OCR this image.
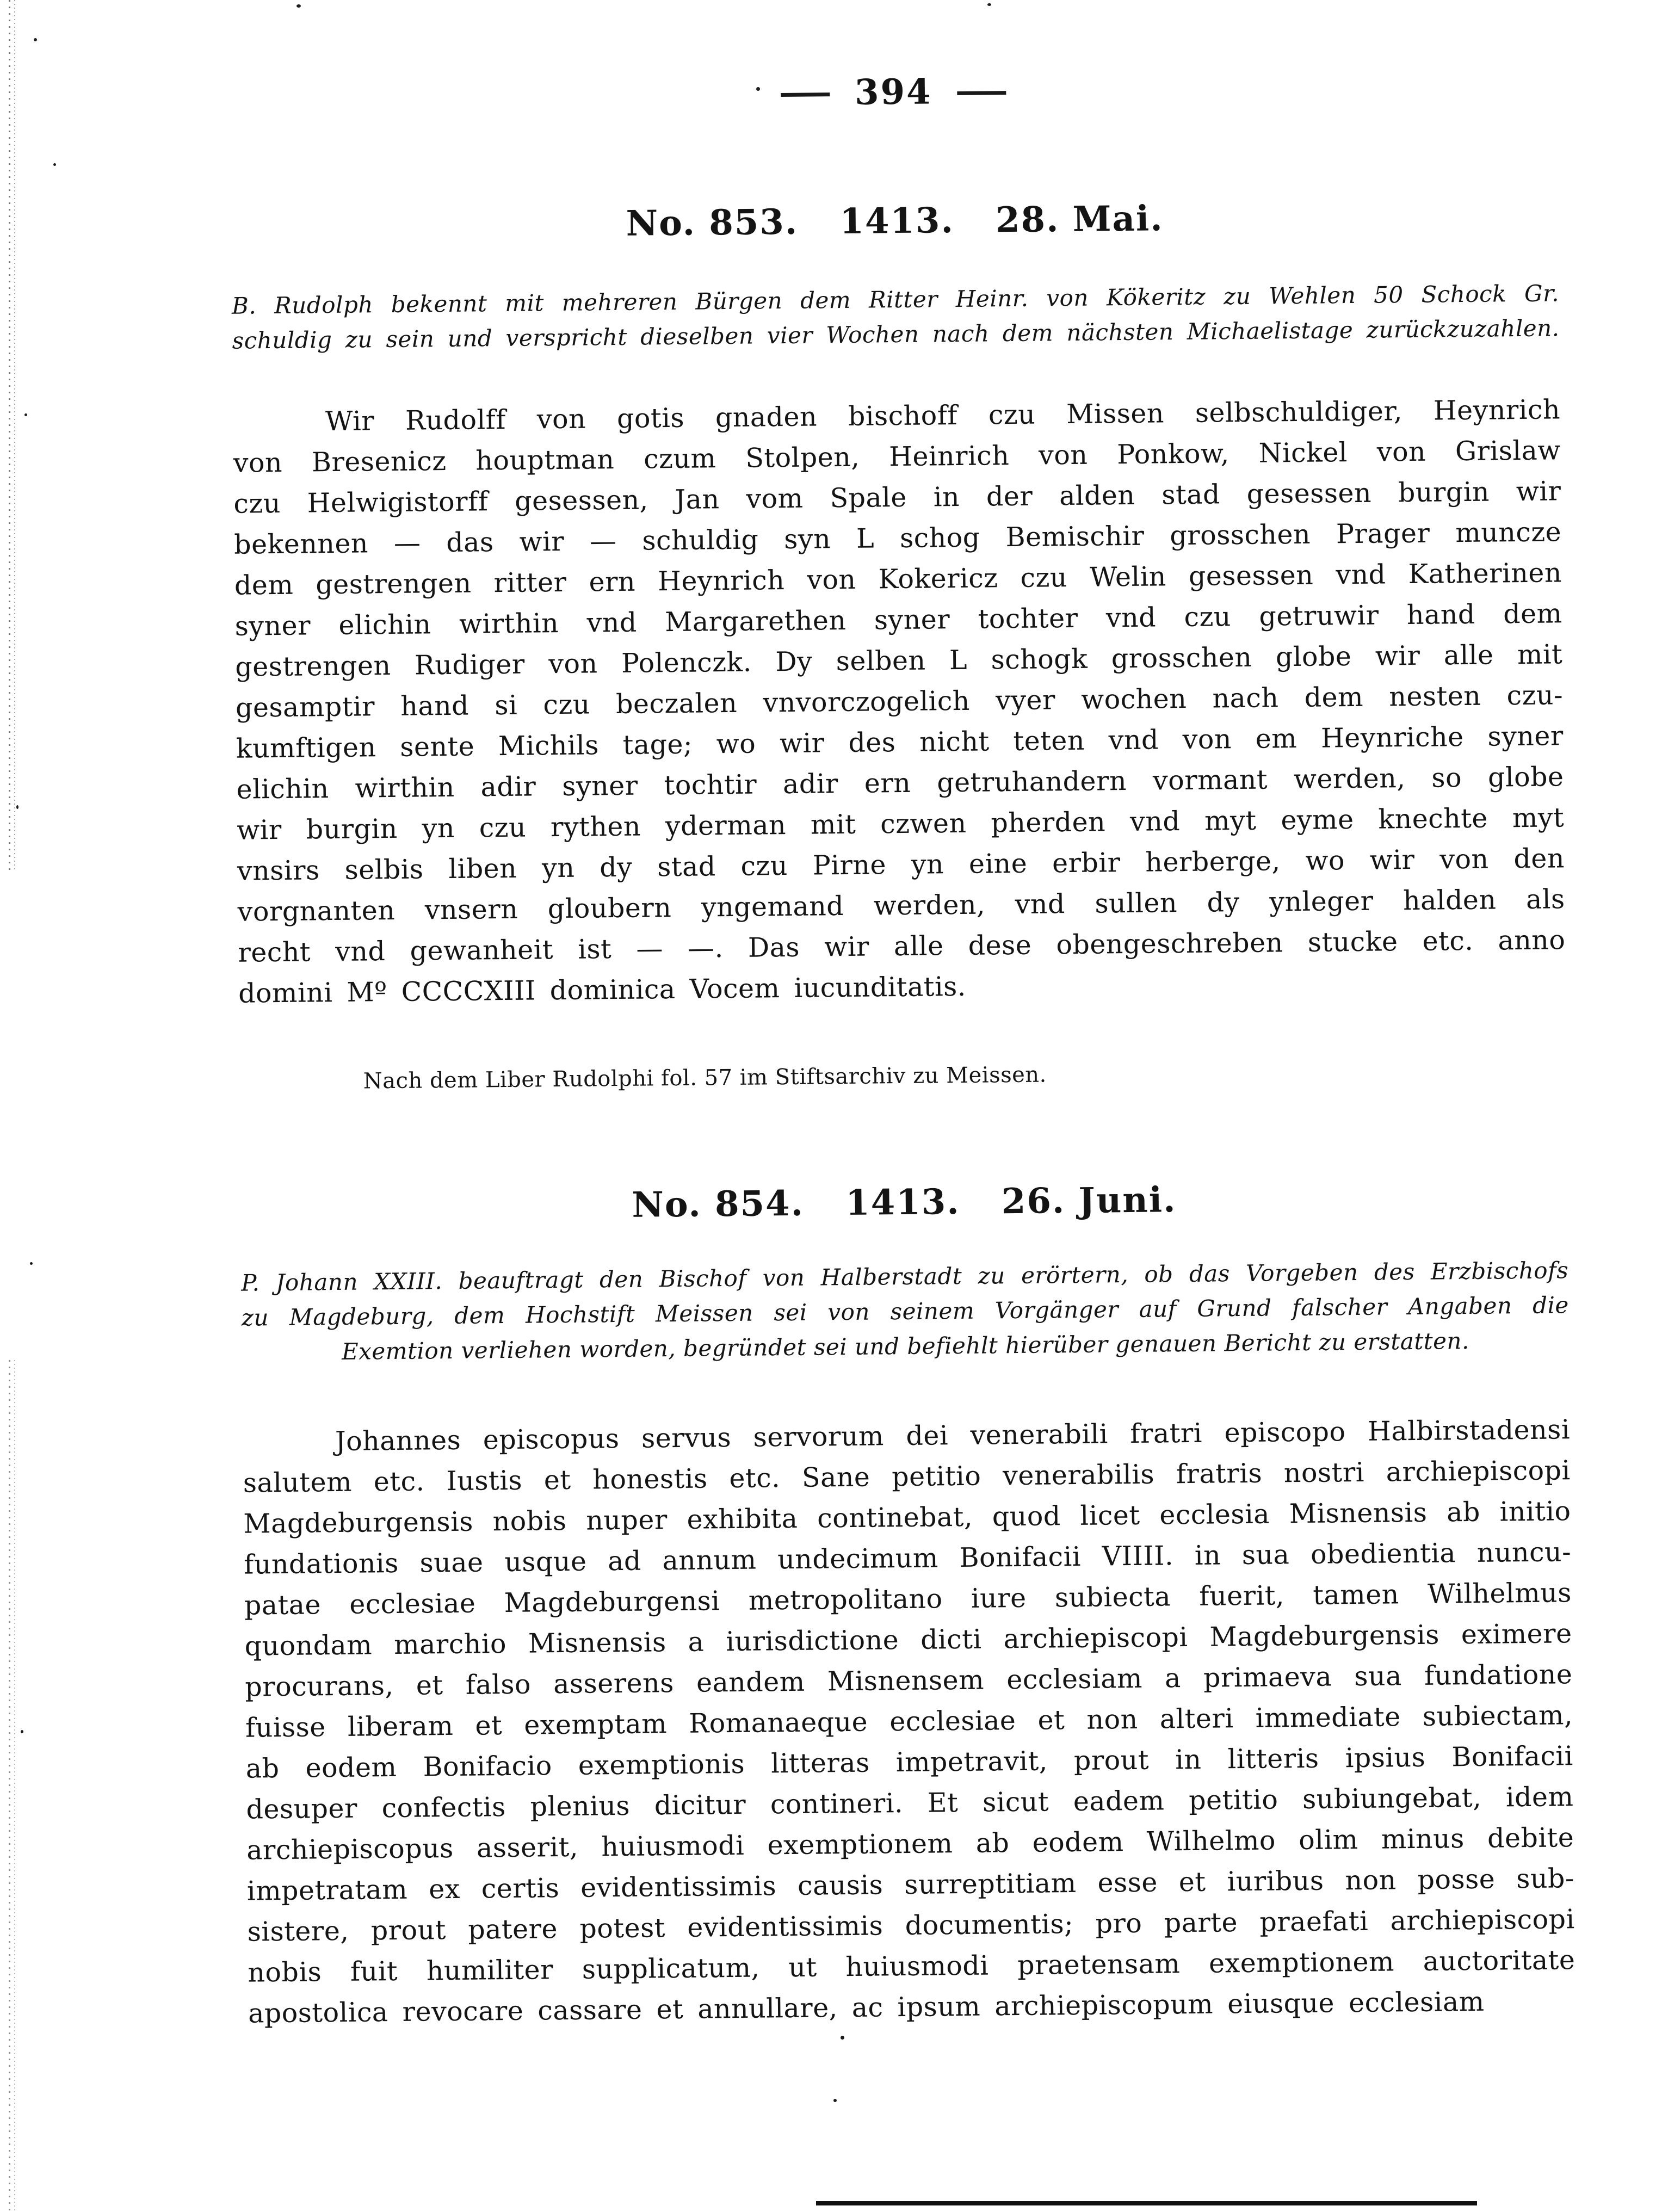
394
No. 853. 1413. 28. Mai.
B. Rudolph bekennt mit mehreren Bürgen dem Ritter Heinr. von Kökeritz zu Wehlen 50 Schock Gr.
schuldig zu sein und verspricht dieselben vier Wochen nach dem nächsten Michaelistage zurückzuzahlen.
Wir Rudolff von gotis gnaden bischoff czu Missen selbschuldiger, Heynrich
von Bresenicz houptman czum Stolpen, Heinrich von Ponkow, Nickel von Grislaw
czu Helwigistorff gesessen, Jan vom Spale in der alden stad gesessen burgin wir
bekennen — das wir — schuldig syn L schog Bemischir grosschen Prager muncze
dem gestrengen ritter ern Heynrich von Kokericz czu Welin gesessen vnd Katherinen
syner elichin wirthin vnd Margarethen syner tochter vnd czu getruwir hand dem
gestrengen Rudiger von Polenczk. Dy selben L schogk grosschen globe wir alle mit
gesamptir hand si czu beczalen vnvorczogelich vyer wochen nach dem nesten czu-
kumftigen sente Michils tage; wo wir des nicht teten vnd von em Heynriche syner
elichin wirthin adir syner tochtir adir ern getruhandern vormant werden, so globe
wir burgin yn czu rythen yderman mit czwen pherden vnd myt eyme knechte myt
vnsirs selbis liben yn dy stad czu Pirne yn eine erbir herberge, wo wir von den
vorgnanten vnsern gloubern yngemand werden, vnd sullen dy ynleger halden als
recht vnd gewanheit ist — —. Das wir alle dese obengeschreben stucke etc. anno
domini Mº CCCCXIII dominica Vocem iucunditatis.
Nach dem Liber Rudolphi fol. 57 im Stiftsarchiv zu Meissen.
No. 854. 1413. 26. Juni.
P. Johann XXIII. beauftragt den Bischof von Halberstadt zu erörtern, ob das Vorgeben des Erzbischofs
zu Magdeburg, dem Hochstift Meissen sei von seinem Vorgänger auf Grund falscher Angaben die
Exemtion verliehen worden, begründet sei und befiehlt hierüber genauen Bericht zu erstatten.
Johannes episcopus servus servorum dei venerabili fratri episcopo Halbirstadensi
salutem etc. Iustis et honestis etc. Sane petitio venerabilis fratris nostri archiepiscopi
Magdeburgensis nobis nuper exhibita continebat, quod licet ecclesia Misnensis ab initio
fundationis suae usque ad annum undecimum Bonifacii VIIII. in sua obedientia nuncu-
patae ecclesiae Magdeburgensi metropolitano iure subiecta fuerit, tamen Wilhelmus
quondam marchio Misnensis a iurisdictione dicti archiepiscopi Magdeburgensis eximere
procurans, et falso asserens eandem Misnensem ecclesiam a primaeva sua fundatione
fuisse liberam et exemptam Romanaeque ecclesiae et non alteri immediate subiectam,
ab eodem Bonifacio exemptionis litteras impetravit, prout in litteris ipsius Bonifacii
desuper confectis plenius dicitur contineri. Et sicut eadem petitio subiungebat, idem
archiepiscopus asserit, huiusmodi exemptionem ab eodem Wilhelmo olim minus debite
impetratam ex certis evidentissimis causis surreptitiam esse et iuribus non posse sub-
sistere, prout patere potest evidentissimis documentis; pro parte praefati archiepiscopi
nobis fuit humiliter supplicatum, ut huiusmodi praetensam exemptionem auctoritate
apostolica revocare cassare et annullare, ac ipsum archiepiscopum eiusque ecclesiam
